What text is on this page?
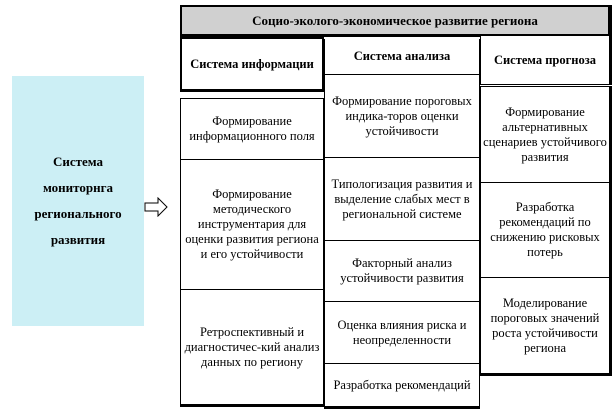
Система мониторнга регионального развития
Социо-эколого-экономическое развитие региона
Система информации
Формирование информационного поля
Формирование методического инструментария для оценки развития региона и его устойчивости
Ретроспективный и диагностичес-кий анализ данных по региону
Система анализа
Формирование пороговых индика-торов оценки устойчивости
Типологизация развития и выделение слабых мест в региональной системе
Факторный анализ устойчивости развития
Оценка влияния риска и неопределенности
Разработка рекомендаций
Система прогноза
Формирование альтернативных сценариев устойчивого развития
Разработка рекомендаций по снижению рисковых потерь
Моделирование пороговых значений роста устойчивости региона
